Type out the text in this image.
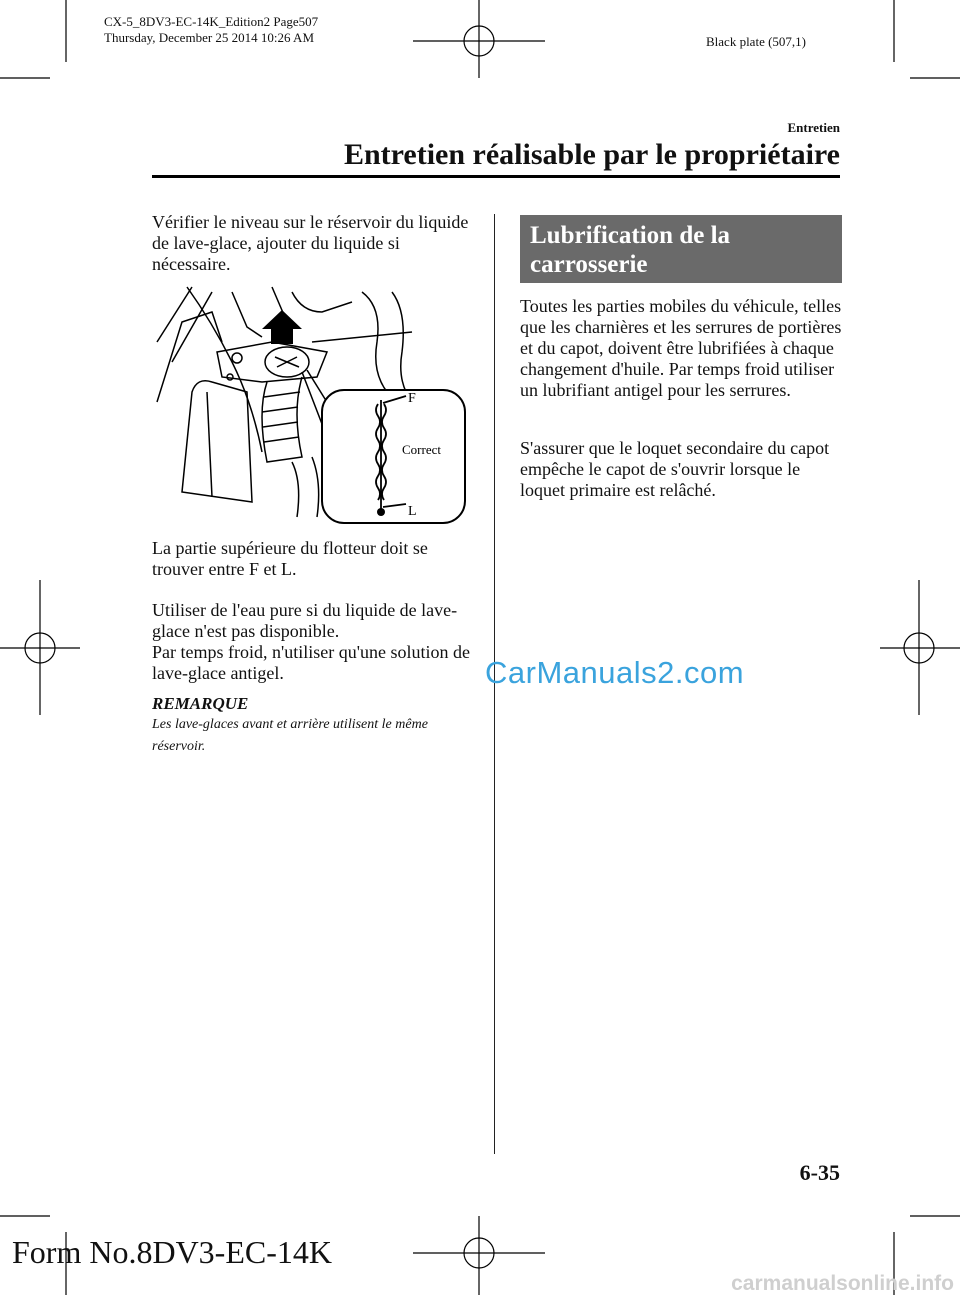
CX-5_8DV3-EC-14K_Edition2 Page507
Thursday, December 25 2014 10:26 AM	Black plate (507,1)
Entretien
Entretien réalisable par le propriétaire

Vérifier le niveau sur le réservoir du liquide de lave-glace, ajouter du liquide si nécessaire.

F
Correct
L

La partie supérieure du flotteur doit se trouver entre F et L.

Utiliser de l'eau pure si du liquide de lave-glace n'est pas disponible.

Par temps froid, n'utiliser qu'une solution de lave-glace antigel.

REMARQUE
Les lave-glaces avant et arrière utilisent le même réservoir.
Lubrification de la
carrosserie

Toutes les parties mobiles du véhicule, telles que les charnières et les serrures de portières et du capot, doivent être lubrifiées à chaque changement d'huile. Par temps froid utiliser un lubrifiant antigel pour les serrures.

S'assurer que le loquet secondaire du capot empêche le capot de s'ouvrir lorsque le loquet primaire est relâché.

CarManuals2.com
6-35
Form No.8DV3-EC-14K
carmanualsonline.info
